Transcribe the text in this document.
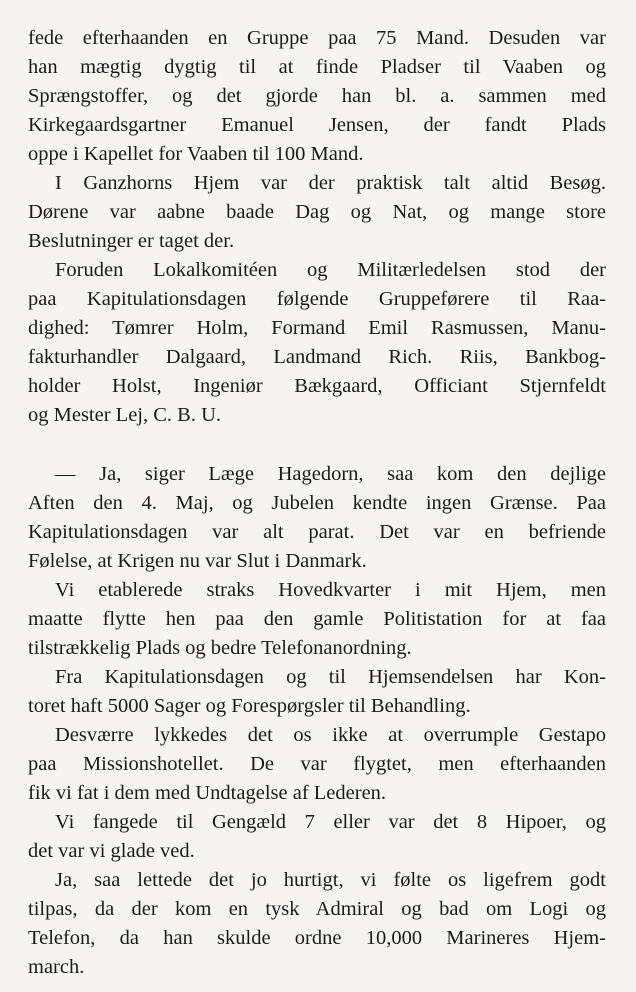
fede efterhaanden en Gruppe paa 75 Mand. Desuden var
han mægtig dygtig til at finde Pladser til Vaaben og
Sprængstoffer, og det gjorde han bl. a. sammen med
Kirkegaardsgartner Emanuel Jensen, der fandt Plads
oppe i Kapellet for Vaaben til 100 Mand.
I Ganzhorns Hjem var der praktisk talt altid Besøg.
Dørene var aabne baade Dag og Nat, og mange store
Beslutninger er taget der.
Foruden Lokalkomitéen og Militærledelsen stod der
paa Kapitulationsdagen følgende Gruppeførere til Raa-
dighed: Tømrer Holm, Formand Emil Rasmussen, Manu-
fakturhandler Dalgaard, Landmand Rich. Riis, Bankbog-
holder Holst, Ingeniør Bækgaard, Officiant Stjernfeldt
og Mester Lej, C. B. U.
— Ja, siger Læge Hagedorn, saa kom den dejlige
Aften den 4. Maj, og Jubelen kendte ingen Grænse. Paa
Kapitulationsdagen var alt parat. Det var en befriende
Følelse, at Krigen nu var Slut i Danmark.
Vi etablerede straks Hovedkvarter i mit Hjem, men
maatte flytte hen paa den gamle Politistation for at faa
tilstrækkelig Plads og bedre Telefonanordning.
Fra Kapitulationsdagen og til Hjemsendelsen har Kon-
toret haft 5000 Sager og Forespørgsler til Behandling.
Desværre lykkedes det os ikke at overrumple Gestapo
paa Missionshotellet. De var flygtet, men efterhaanden
fik vi fat i dem med Undtagelse af Lederen.
Vi fangede til Gengæld 7 eller var det 8 Hipoer, og
det var vi glade ved.
Ja, saa lettede det jo hurtigt, vi følte os ligefrem godt
tilpas, da der kom en tysk Admiral og bad om Logi og
Telefon, da han skulde ordne 10,000 Marineres Hjem-
march.
